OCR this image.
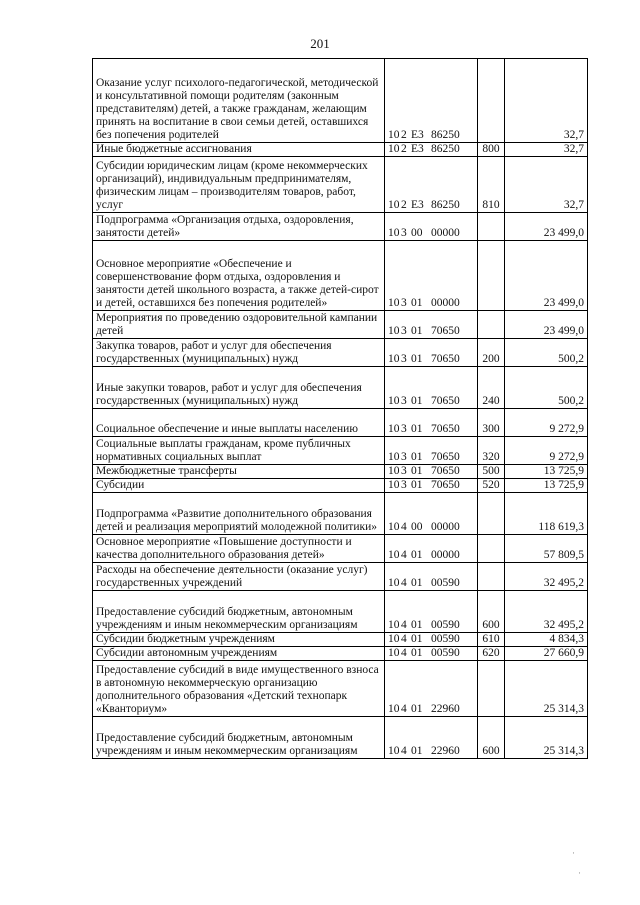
201
Оказание услуг психолого-педагогической, методической и консультативной помощи родителям (законным представителям) детей, а также гражданам, желающим принять на воспитание в свои семьи детей, оставшихся без попечения родителей	10 2 Е3 86250		32,7
Иные бюджетные ассигнования	10 2 Е3 86250	800	32,7
Субсидии юридическим лицам (кроме некоммерческих организаций), индивидуальным предпринимателям, физическим лицам – производителям товаров, работ, услуг	10 2 Е3 86250	810	32,7
Подпрограмма «Организация отдыха, оздоровления, занятости детей»	10 3 00 00000		23 499,0
Основное мероприятие «Обеспечение и совершенствование форм отдыха, оздоровления и занятости детей школьного возраста, а также детей-сирот и детей, оставшихся без попечения родителей»	10 3 01 00000		23 499,0
Мероприятия по проведению оздоровительной кампании детей	10 3 01 70650		23 499,0
Закупка товаров, работ и услуг для обеспечения государственных (муниципальных) нужд	10 3 01 70650	200	500,2
Иные закупки товаров, работ и услуг для обеспечения государственных (муниципальных) нужд	10 3 01 70650	240	500,2
Социальное обеспечение и иные выплаты населению	10 3 01 70650	300	9 272,9
Социальные выплаты гражданам, кроме публичных нормативных социальных выплат	10 3 01 70650	320	9 272,9
Межбюджетные трансферты	10 3 01 70650	500	13 725,9
Субсидии	10 3 01 70650	520	13 725,9
Подпрограмма «Развитие дополнительного образования детей и реализация мероприятий молодежной политики»	10 4 00 00000		118 619,3
Основное мероприятие «Повышение доступности и качества дополнительного образования детей»	10 4 01 00000		57 809,5
Расходы на обеспечение деятельности (оказание услуг) государственных учреждений	10 4 01 00590		32 495,2
Предоставление субсидий бюджетным, автономным учреждениям и иным некоммерческим организациям	10 4 01 00590	600	32 495,2
Субсидии бюджетным учреждениям	10 4 01 00590	610	4 834,3
Субсидии автономным учреждениям	10 4 01 00590	620	27 660,9
Предоставление субсидий в виде имущественного взноса в автономную некоммерческую организацию дополнительного образования «Детский технопарк «Кванториум»	10 4 01 22960		25 314,3
Предоставление субсидий бюджетным, автономным учреждениям и иным некоммерческим организациям	10 4 01 22960	600	25 314,3
·
·
